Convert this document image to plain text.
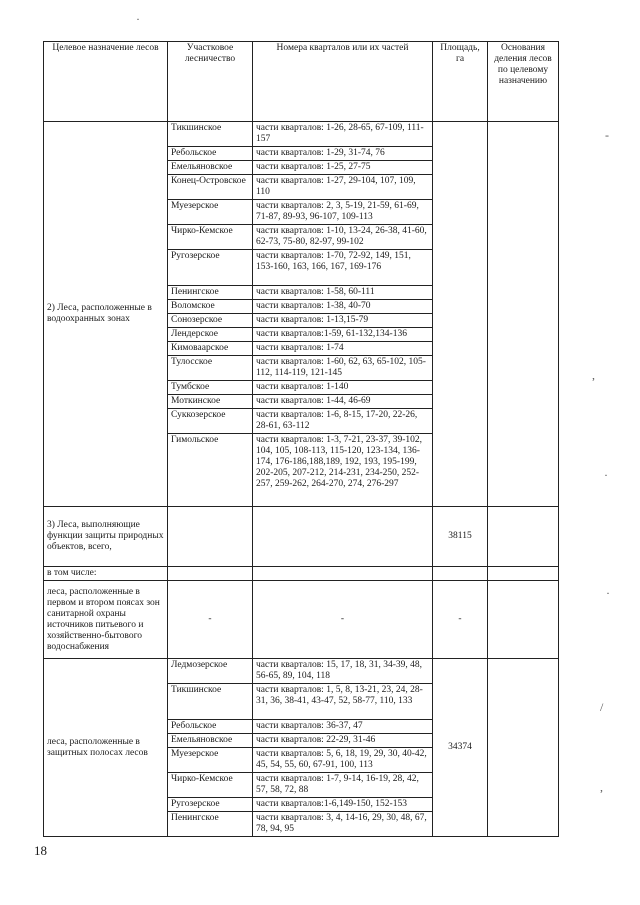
Целевое назначение лесов	Участковое лесничество	Номера кварталов или их частей	Площадь, га	Основания деления лесов по целевому назначению
2) Леса, расположенные в водоохранных зонах	Тикшинское	части кварталов: 1-26, 28-65, 67-109, 111-157		
	Ребольское	части кварталов: 1-29, 31-74, 76		
	Емельяновское	части кварталов: 1-25, 27-75		
	Конец-Островское	части кварталов: 1-27, 29-104, 107, 109, 110		
	Муезерское	части кварталов: 2, 3, 5-19, 21-59, 61-69, 71-87, 89-93, 96-107, 109-113		
	Чирко-Кемское	части кварталов: 1-10, 13-24, 26-38, 41-60, 62-73, 75-80, 82-97, 99-102		
	Ругозерское	части кварталов: 1-70, 72-92, 149, 151, 153-160, 163, 166, 167, 169-176		
	Пенингское	части кварталов: 1-58, 60-111		
	Воломское	части кварталов: 1-38, 40-70		
	Сонозерское	части кварталов: 1-13,15-79		
	Лендерское	части кварталов:1-59, 61-132,134-136		
	Кимоваарское	части кварталов: 1-74		
	Тулосское	части кварталов: 1-60, 62, 63, 65-102, 105-112, 114-119, 121-145		
	Тумбское	части кварталов: 1-140		
	Моткинское	части кварталов: 1-44, 46-69		
	Суккозерское	части кварталов: 1-6, 8-15, 17-20, 22-26, 28-61, 63-112		
	Гимольское	части кварталов: 1-3, 7-21, 23-37, 39-102, 104, 105, 108-113, 115-120, 123-134, 136-174, 176-186,188,189, 192, 193, 195-199, 202-205, 207-212, 214-231, 234-250, 252-257, 259-262, 264-270, 274, 276-297		
3) Леса, выполняющие функции защиты природных объектов, всего,			38115	
в том числе:				
леса, расположенные в первом и втором поясах зон санитарной охраны источников питьевого и хозяйственно-бытового водоснабжения	-	-	-	
леса, расположенные в защитных полосах лесов	Ледмозерское	части кварталов: 15, 17, 18, 31, 34-39, 48, 56-65, 89, 104, 118	34374	
	Тикшинское	части кварталов: 1, 5, 8, 13-21, 23, 24, 28-31, 36, 38-41, 43-47, 52, 58-77, 110, 133		
	Ребольское	части кварталов: 36-37, 47		
	Емельяновское	части кварталов: 22-29, 31-46		
	Муезерское	части кварталов: 5, 6, 18, 19, 29, 30, 40-42, 45, 54, 55, 60, 67-91, 100, 113		
	Чирко-Кемское	части кварталов: 1-7, 9-14, 16-19, 28, 42, 57, 58, 72, 88		
	Ругозерское	части кварталов:1-6,149-150, 152-153		
	Пенингское	части кварталов: 3, 4, 14-16, 29, 30, 48, 67, 78, 94, 95		
18
·
-
,
·
·
/
,
